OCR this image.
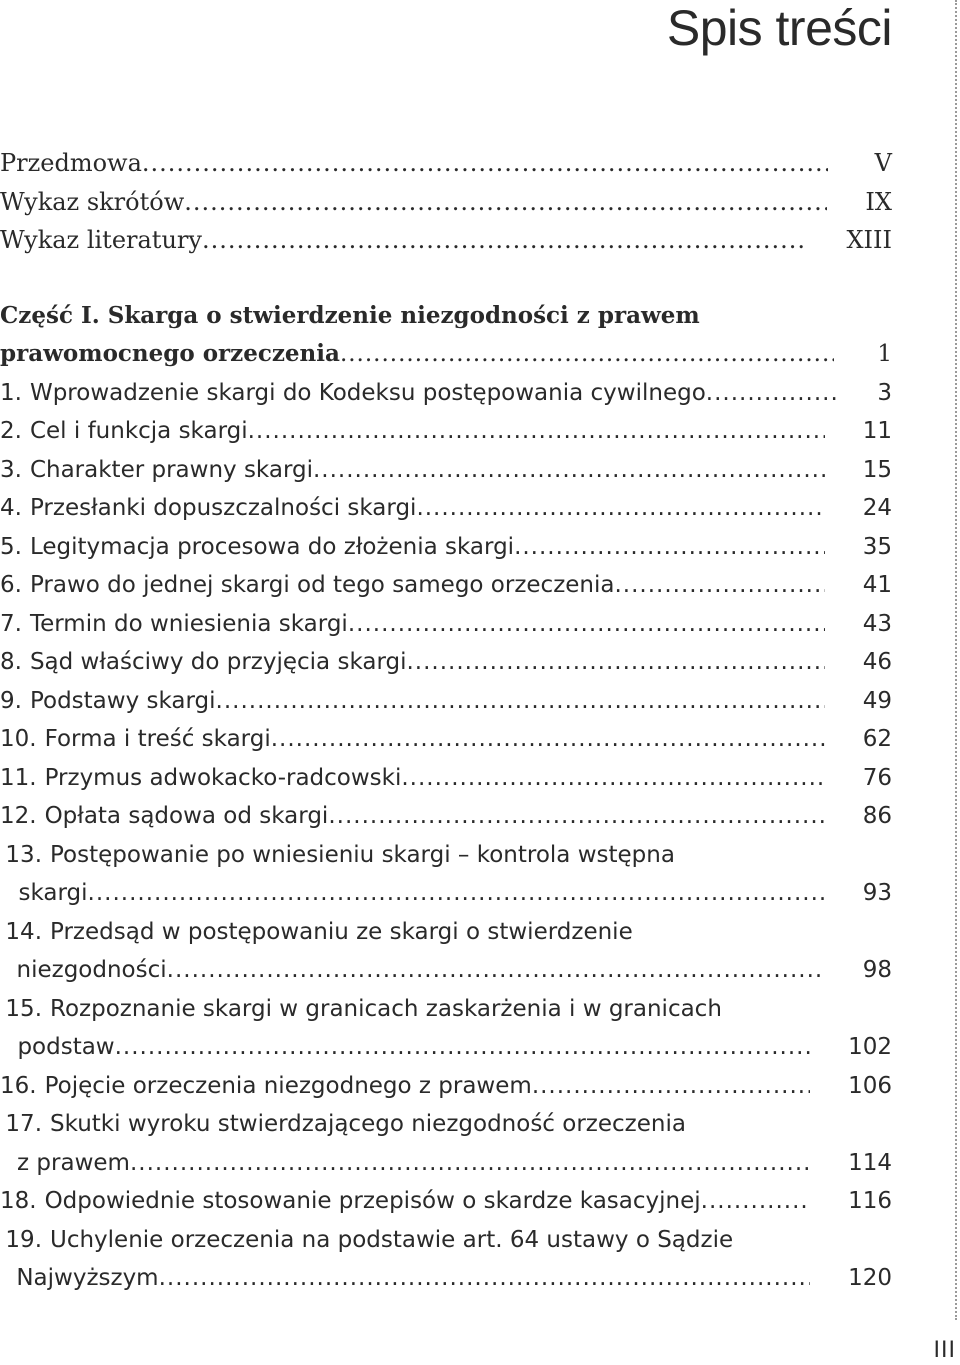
Spis treści
Przedmowa .....	V
Wykaz skrótów .....	IX
Wykaz literatury .....	XIII
Część I. Skarga o stwierdzenie niezgodności z prawem
prawomocnego orzeczenia .....	1
1. Wprowadzenie skargi do Kodeksu postępowania cywilnego .....	3
2. Cel i funkcja skargi .....	11
3. Charakter prawny skargi .....	15
4. Przesłanki dopuszczalności skargi .....	24
5. Legitymacja procesowa do złożenia skargi .....	35
6. Prawo do jednej skargi od tego samego orzeczenia .....	41
7. Termin do wniesienia skargi .....	43
8. Sąd właściwy do przyjęcia skargi .....	46
9. Podstawy skargi .....	49
10. Forma i treść skargi .....	62
11. Przymus adwokacko-radcowski .....	76
12. Opłata sądowa od skargi .....	86
13. Postępowanie po wniesieniu skargi – kontrola wstępna
skargi .....	93
14. Przedsąd w postępowaniu ze skargi o stwierdzenie
niezgodności .....	98
15. Rozpoznanie skargi w granicach zaskarżenia i w granicach
podstaw .....	102
16. Pojęcie orzeczenia niezgodnego z prawem .....	106
17. Skutki wyroku stwierdzającego niezgodność orzeczenia
z prawem .....	114
18. Odpowiednie stosowanie przepisów o skardze kasacyjnej .....	116
19. Uchylenie orzeczenia na podstawie art. 64 ustawy o Sądzie
Najwyższym .....	120
III
